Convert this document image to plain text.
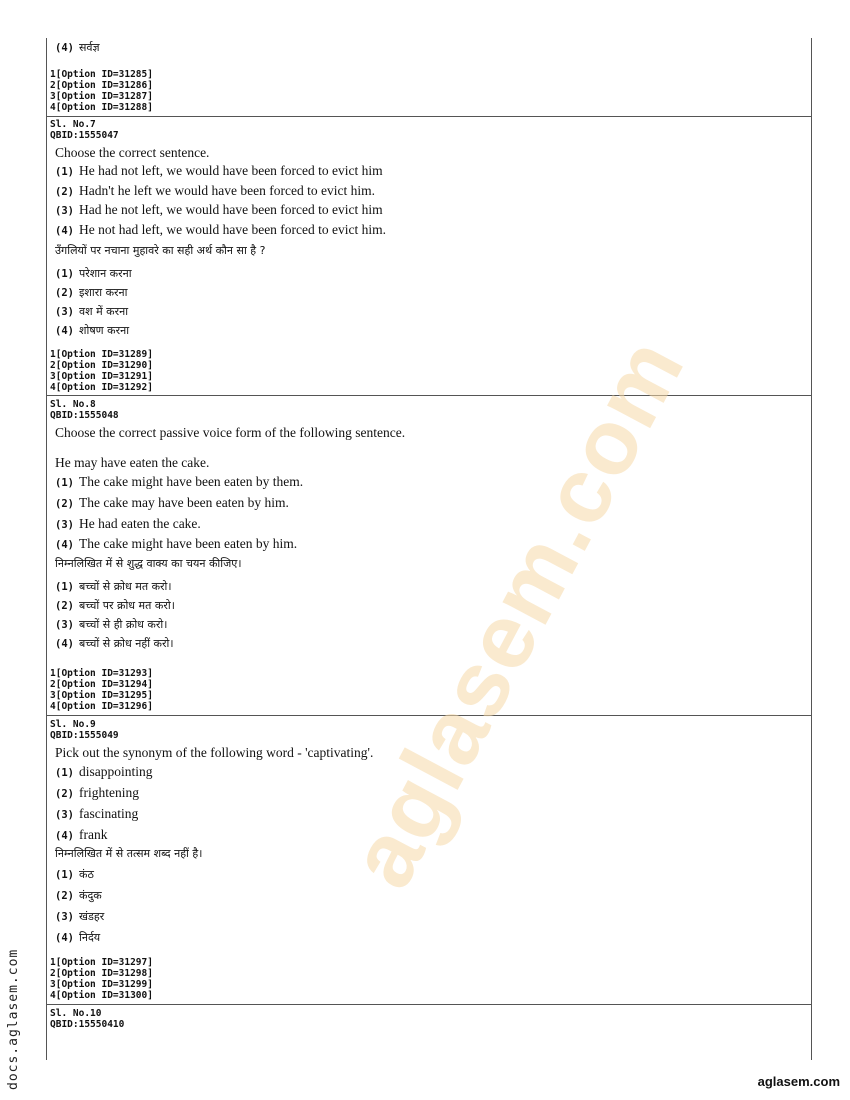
(4) सर्वज्ञ
1[Option ID=31285]
2[Option ID=31286]
3[Option ID=31287]
4[Option ID=31288]
Sl. No.7
QBID:1555047
Choose the correct sentence.
(1) He had not left, we would have been forced to evict him
(2) Hadn't he left we would have been forced to evict him.
(3) Had he not left, we would have been forced to evict him
(4) He not had left, we would have been forced to evict him.
उँगलियों पर नचाना मुहावरे का सही अर्थ कौन सा है ?
(1) परेशान करना
(2) इशारा करना
(3) वश में करना
(4) शोषण करना
1[Option ID=31289]
2[Option ID=31290]
3[Option ID=31291]
4[Option ID=31292]
Sl. No.8
QBID:1555048
Choose the correct passive voice form of the following sentence.
He may have eaten the cake.
(1) The cake might have been eaten by them.
(2) The cake may have been eaten by him.
(3) He had eaten the cake.
(4) The cake might have been eaten by him.
निम्नलिखित में से शुद्ध वाक्य का चयन कीजिए।
(1) बच्चों से क्रोध मत करो।
(2) बच्चों पर क्रोध मत करो।
(3) बच्चों से ही क्रोध करो।
(4) बच्चों से क्रोध नहीं करो।
1[Option ID=31293]
2[Option ID=31294]
3[Option ID=31295]
4[Option ID=31296]
Sl. No.9
QBID:1555049
Pick out the synonym of the following word - 'captivating'.
(1) disappointing
(2) frightening
(3) fascinating
(4) frank
निम्नलिखित में से तत्सम शब्द नहीं है।
(1) कंठ
(2) कंदुक
(3) खंडहर
(4) निर्दय
1[Option ID=31297]
2[Option ID=31298]
3[Option ID=31299]
4[Option ID=31300]
Sl. No.10
QBID:15550410
aglasem.com
docs.aglasem.com	aglasem.com
